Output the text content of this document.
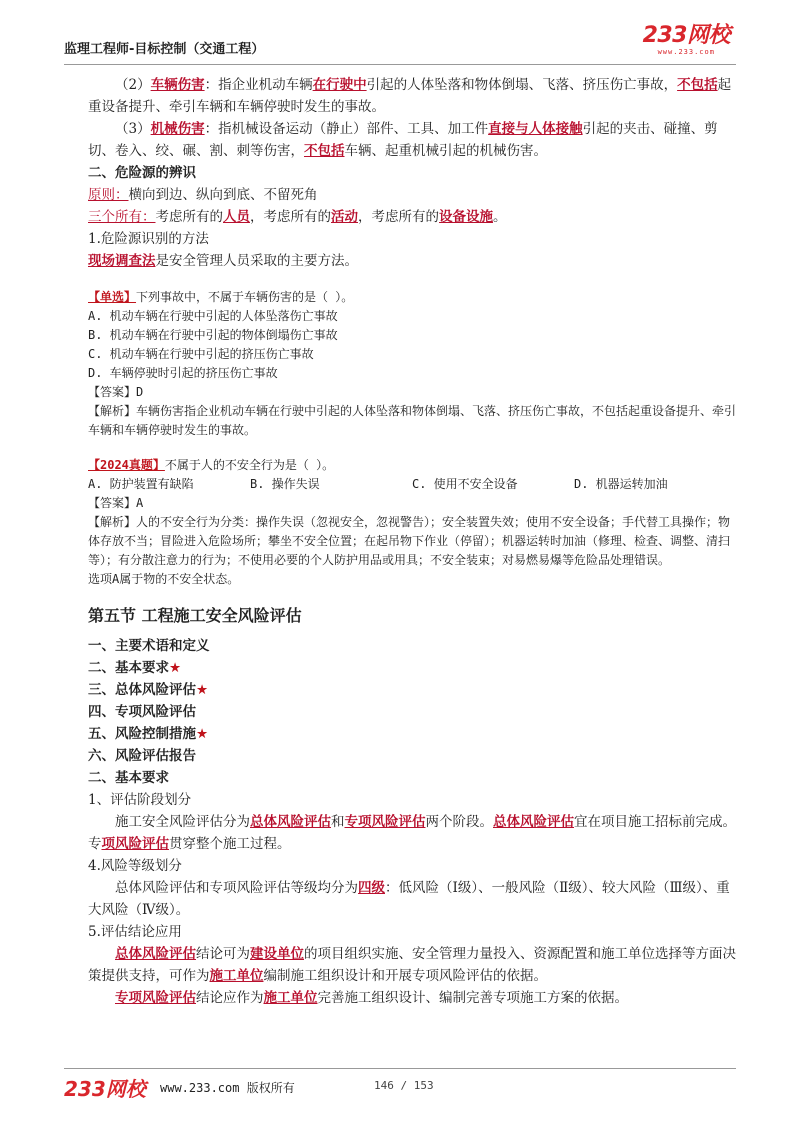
监理工程师-目标控制（交通工程）
233网校
www.233.com

（2）车辆伤害：指企业机动车辆在行驶中引起的人体坠落和物体倒塌、飞落、挤压伤亡事故，不包括起重设备提升、牵引车辆和车辆停驶时发生的事故。

（3）机械伤害：指机械设备运动（静止）部件、工具、加工件直接与人体接触引起的夹击、碰撞、剪切、卷入、绞、碾、割、刺等伤害，不包括车辆、起重机械引起的机械伤害。

二、危险源的辨识

原则：横向到边、纵向到底、不留死角

三个所有：考虑所有的人员，考虑所有的活动，考虑所有的设备设施。

1.危险源识别的方法

现场调查法是安全管理人员采取的主要方法。

【单选】下列事故中，不属于车辆伤害的是（ ）。

A. 机动车辆在行驶中引起的人体坠落伤亡事故

B. 机动车辆在行驶中引起的物体倒塌伤亡事故

C. 机动车辆在行驶中引起的挤压伤亡事故

D. 车辆停驶时引起的挤压伤亡事故

【答案】D

【解析】车辆伤害指企业机动车辆在行驶中引起的人体坠落和物体倒塌、飞落、挤压伤亡事故，不包括起重设备提升、牵引车辆和车辆停驶时发生的事故。

【2024真题】不属于人的不安全行为是（ ）。

A. 防护装置有缺陷	B. 操作失误	C. 使用不安全设备	D. 机器运转加油

【答案】A

【解析】人的不安全行为分类：操作失误（忽视安全，忽视警告）；安全装置失效；使用不安全设备；手代替工具操作；物体存放不当；冒险进入危险场所；攀坐不安全位置；在起吊物下作业（停留）；机器运转时加油（修理、检查、调整、清扫等）；有分散注意力的行为；不使用必要的个人防护用品或用具；不安全装束；对易燃易爆等危险品处理错误。

选项A属于物的不安全状态。

第五节 工程施工安全风险评估

一、主要术语和定义

二、基本要求★

三、总体风险评估★

四、专项风险评估

五、风险控制措施★

六、风险评估报告

二、基本要求

1、评估阶段划分

施工安全风险评估分为总体风险评估和专项风险评估两个阶段。总体风险评估宜在项目施工招标前完成。专项风险评估贯穿整个施工过程。

4.风险等级划分

总体风险评估和专项风险评估等级均分为四级：低风险（Ⅰ级）、一般风险（Ⅱ级）、较大风险（Ⅲ级）、重大风险（Ⅳ级）。

5.评估结论应用

总体风险评估结论可为建设单位的项目组织实施、安全管理力量投入、资源配置和施工单位选择等方面决策提供支持，可作为施工单位编制施工组织设计和开展专项风险评估的依据。

专项风险评估结论应作为施工单位完善施工组织设计、编制完善专项施工方案的依据。

233网校 www.233.com 版权所有	146 / 153
